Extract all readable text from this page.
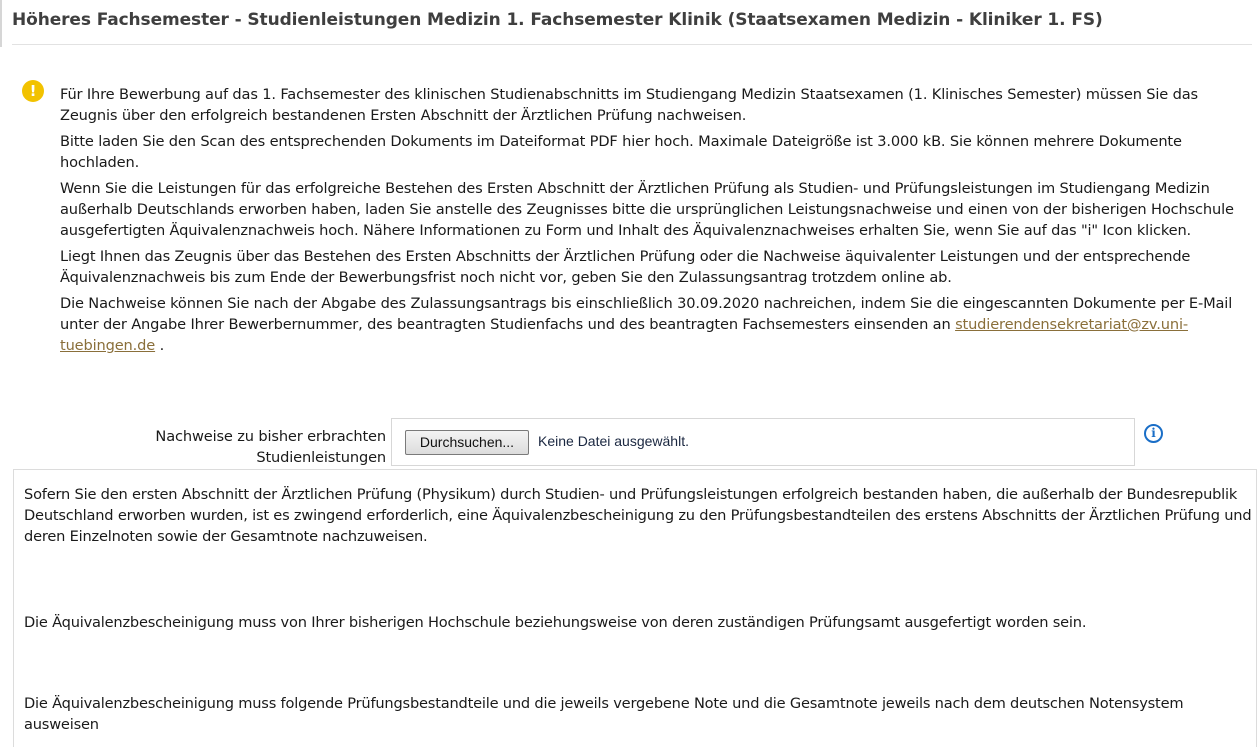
Höheres Fachsemester - Studienleistungen Medizin 1. Fachsemester Klinik (Staatsexamen Medizin - Kliniker 1. FS)
!	Für Ihre Bewerbung auf das 1. Fachsemester des klinischen Studienabschnitts im Studiengang Medizin Staatsexamen (1. Klinisches Semester) müssen Sie das Zeugnis über den erfolgreich bestandenen Ersten Abschnitt der Ärztlichen Prüfung nachweisen.

Bitte laden Sie den Scan des entsprechenden Dokuments im Dateiformat PDF hier hoch. Maximale Dateigröße ist 3.000 kB. Sie können mehrere Dokumente hochladen.

Wenn Sie die Leistungen für das erfolgreiche Bestehen des Ersten Abschnitt der Ärztlichen Prüfung als Studien- und Prüfungsleistungen im Studiengang Medizin außerhalb Deutschlands erworben haben, laden Sie anstelle des Zeugnisses bitte die ursprünglichen Leistungsnachweise und einen von der bisherigen Hochschule ausgefertigten Äquivalenznachweis hoch. Nähere Informationen zu Form und Inhalt des Äquivalenznachweises erhalten Sie, wenn Sie auf das "i" Icon klicken.

Liegt Ihnen das Zeugnis über das Bestehen des Ersten Abschnitts der Ärztlichen Prüfung oder die Nachweise äquivalenter Leistungen und der entsprechende Äquivalenznachweis bis zum Ende der Bewerbungsfrist noch nicht vor, geben Sie den Zulassungsantrag trotzdem online ab.

Die Nachweise können Sie nach der Abgabe des Zulassungsantrags bis einschließlich 30.09.2020 nachreichen, indem Sie die eingescannten Dokumente per E-Mail unter der Angabe Ihrer Bewerbernummer, des beantragten Studienfachs und des beantragten Fachsemesters einsenden an studierendensekretariat@zv.uni-tuebingen.de .

Nachweise zu bisher erbrachten Studienleistungen
Durchsuchen...	Keine Datei ausgewählt.	i

Sofern Sie den ersten Abschnitt der Ärztlichen Prüfung (Physikum) durch Studien- und Prüfungsleistungen erfolgreich bestanden haben, die außerhalb der Bundesrepublik Deutschland erworben wurden, ist es zwingend erforderlich, eine Äquivalenzbescheinigung zu den Prüfungsbestandteilen des erstens Abschnitts der Ärztlichen Prüfung und deren Einzelnoten sowie der Gesamtnote nachzuweisen.

Die Äquivalenzbescheinigung muss von Ihrer bisherigen Hochschule beziehungsweise von deren zuständigen Prüfungsamt ausgefertigt worden sein.

Die Äquivalenzbescheinigung muss folgende Prüfungsbestandteile und die jeweils vergebene Note und die Gesamtnote jeweils nach dem deutschen Notensystem ausweisen
